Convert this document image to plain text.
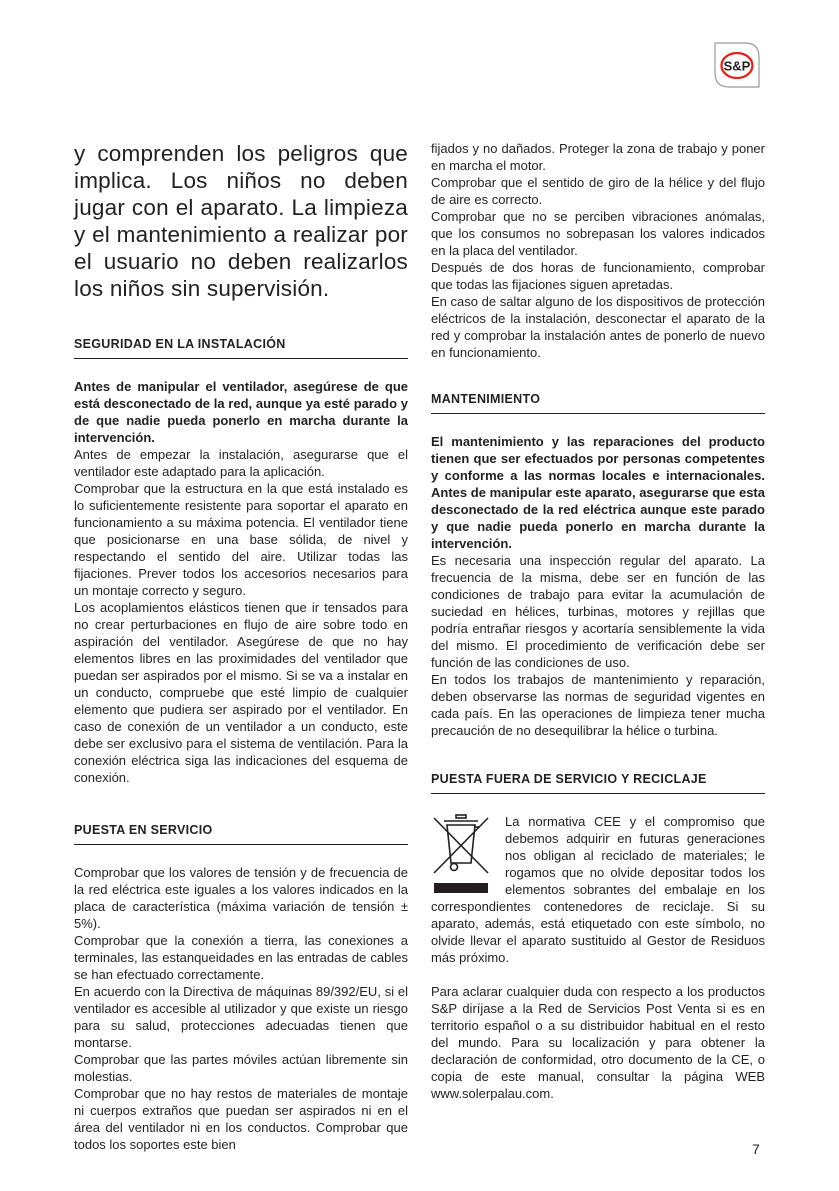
S&P

y comprenden los peligros que implica. Los niños no deben jugar con el aparato. La limpieza y el mantenimiento a realizar por el usuario no deben realizarlos los niños sin supervisión.

SEGURIDAD EN LA INSTALACIÓN

Antes de manipular el ventilador, asegúrese de que está desconectado de la red, aunque ya esté parado y de que nadie pueda ponerlo en marcha durante la intervención.

Antes de empezar la instalación, asegurarse que el ventilador este adaptado para la aplicación.

Comprobar que la estructura en la que está instalado es lo suficientemente resistente para soportar el aparato en funcionamiento a su máxima potencia. El ventilador tiene que posicionarse en una base sólida, de nivel y respectando el sentido del aire. Utilizar todas las fijaciones. Prever todos los accesorios necesarios para un montaje correcto y seguro.

Los acoplamientos elásticos tienen que ir tensados para no crear perturbaciones en flujo de aire sobre todo en aspiración del ventilador. Asegúrese de que no hay elementos libres en las proximidades del ventilador que puedan ser aspirados por el mismo. Si se va a instalar en un conducto, compruebe que esté limpio de cualquier elemento que pudiera ser aspirado por el ventilador. En caso de conexión de un ventilador a un conducto, este debe ser exclusivo para el sistema de ventilación. Para la conexión eléctrica siga las indicaciones del esquema de conexión.

PUESTA EN SERVICIO

Comprobar que los valores de tensión y de frecuencia de la red eléctrica este iguales a los valores indicados en la placa de característica (máxima variación de tensión ± 5%).

Comprobar que la conexión a tierra, las conexiones a terminales, las estanqueidades en las entradas de cables se han efectuado correctamente.

En acuerdo con la Directiva de máquinas 89/392/EU, si el ventilador es accesible al utilizador y que existe un riesgo para su salud, protecciones adecuadas tienen que montarse.

Comprobar que las partes móviles actúan libremente sin molestias.

Comprobar que no hay restos de materiales de montaje ni cuerpos extraños que puedan ser aspirados ni en el área del ventilador ni en los conductos. Comprobar que todos los soportes este bien

fijados y no dañados. Proteger la zona de trabajo y poner en marcha el motor.

Comprobar que el sentido de giro de la hélice y del flujo de aire es correcto.

Comprobar que no se perciben vibraciones anómalas, que los consumos no sobrepasan los valores indicados en la placa del ventilador.

Después de dos horas de funcionamiento, comprobar que todas las fijaciones siguen apretadas.

En caso de saltar alguno de los dispositivos de protección eléctricos de la instalación, desconectar el aparato de la red y comprobar la instalación antes de ponerlo de nuevo en funcionamiento.

MANTENIMIENTO

El mantenimiento y las reparaciones del producto tienen que ser efectuados por personas competentes y conforme a las normas locales e internacionales. Antes de manipular este aparato, asegurarse que esta desconectado de la red eléctrica aunque este parado y que nadie pueda ponerlo en marcha durante la intervención.

Es necesaria una inspección regular del aparato. La frecuencia de la misma, debe ser en función de las condiciones de trabajo para evitar la acumulación de suciedad en hélices, turbinas, motores y rejillas que podría entrañar riesgos y acortaría sensiblemente la vida del mismo. El procedimiento de verificación debe ser función de las condiciones de uso.

En todos los trabajos de mantenimiento y reparación, deben observarse las normas de seguridad vigentes en cada país. En las operaciones de limpieza tener mucha precaución de no desequilibrar la hélice o turbina.

PUESTA FUERA DE SERVICIO Y RECICLAJE

La normativa CEE y el compromiso que debemos adquirir en futuras generaciones nos obligan al reciclado de materiales; le rogamos que no olvide depositar todos los elementos sobrantes del embalaje en los correspondientes contenedores de reciclaje. Si su aparato, además, está etiquetado con este símbolo, no olvide llevar el aparato sustituido al Gestor de Residuos más próximo.

Para aclarar cualquier duda con respecto a los productos S&P diríjase a la Red de Servicios Post Venta si es en territorio español o a su distribuidor habitual en el resto del mundo. Para su localización y para obtener la declaración de conformidad, otro documento de la CE, o copia de este manual, consultar la página WEB www.solerpalau.com.

7
